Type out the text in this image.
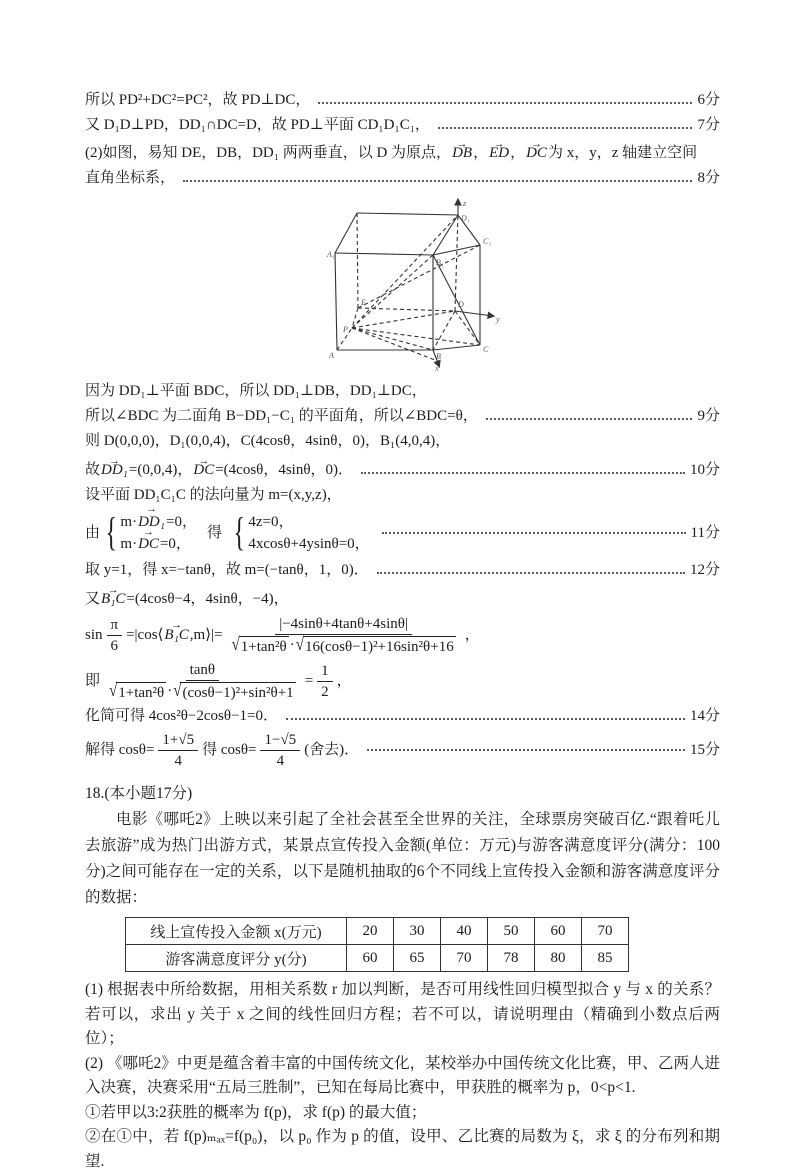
所以 PD²+DC²=PC²，故 PD⊥DC，	6分
又 D₁D⊥PD，DD₁∩DC=D，故 PD⊥平面 CD₁D₁C₁，	7分
(2)如图，易知 DE，DB，DD₁ 两两垂直，以 D 为原点， DB → ， ED → ， DC → 为 x，y，z 轴建立空间
直角坐标系，	8分
z
y
x
A₁
B₁
C₁
D₁
A	B
C
D
E
P
因为 DD₁⊥平面 BDC，所以 DD₁⊥DB，DD₁⊥DC，
所以∠BDC 为二面角 B−DD₁−C₁ 的平面角，所以∠BDC=θ，	9分
则 D(0,0,0)，D₁(0,0,4)，C(4cosθ，4sinθ，0)，B₁(4,0,4)，
故 DD₁ → =(0,0,4)， DC → =(4cosθ，4sinθ，0)．	10分
设平面 DD₁C₁C 的法向量为 m=(x,y,z)，
由 { m· DD₁ → =0，
m· DC → =0，
得 { 4z=0，
4xcosθ+4ysinθ=0，
11分
取 y=1，得 x=−tanθ，故 m=(−tanθ，1，0)．	12分
又 B₁C → =(4cosθ−4，4sinθ，−4)，
$\sin \frac{\pi}{6}$ =|cos⟨ B₁C → ,m⟩|= |−4sinθ+4tanθ+4sinθ|
√ 1+tan²θ · √ 16(cosθ−1)²+16sin²θ+16 ，
即 tanθ
√ 1+tan²θ · √ $(\cos\theta-1)^2+\sin^2\theta+1 = \frac{1}{2}$ ，
化简可得 4cos²θ−2cosθ−1=0．	14分
解得 $\cos\theta= \frac{1+√5}{4}$ 得 $\cos\theta= \frac{1-√5}{4}$ (舍去)．	15分
18.(本小题17分)

电影《哪吒2》上映以来引起了全社会甚至全世界的关注，全球票房突破百亿.“跟着吒儿去旅游”成为热门出游方式，某景点宣传投入金额(单位：万元)与游客满意度评分(满分：100分)之间可能存在一定的关系，以下是随机抽取的6个不同线上宣传投入金额和游客满意度评分的数据：

线上宣传投入金额 x(万元)	20	30	40	50	60	70
游客满意度评分 y(分)	60	65	70	78	80	85

(1) 根据表中所给数据，用相关系数 r 加以判断，是否可用线性回归模型拟合 y 与 x 的关系？若可以，求出 y 关于 x 之间的线性回归方程；若不可以，请说明理由（精确到小数点后两位）；

(2) 《哪吒2》中更是蕴含着丰富的中国传统文化，某校举办中国传统文化比赛，甲、乙两人进入决赛，决赛采用“五局三胜制”，已知在每局比赛中，甲获胜的概率为 p，0<p<1.

①若甲以3:2获胜的概率为 f(p)，求 f(p) 的最大值；

②在①中，若 f(p)ₘₐₓ=f(p₀)，以 p₀ 作为 p 的值，设甲、乙比赛的局数为 ξ，求 ξ 的分布列和期望.
